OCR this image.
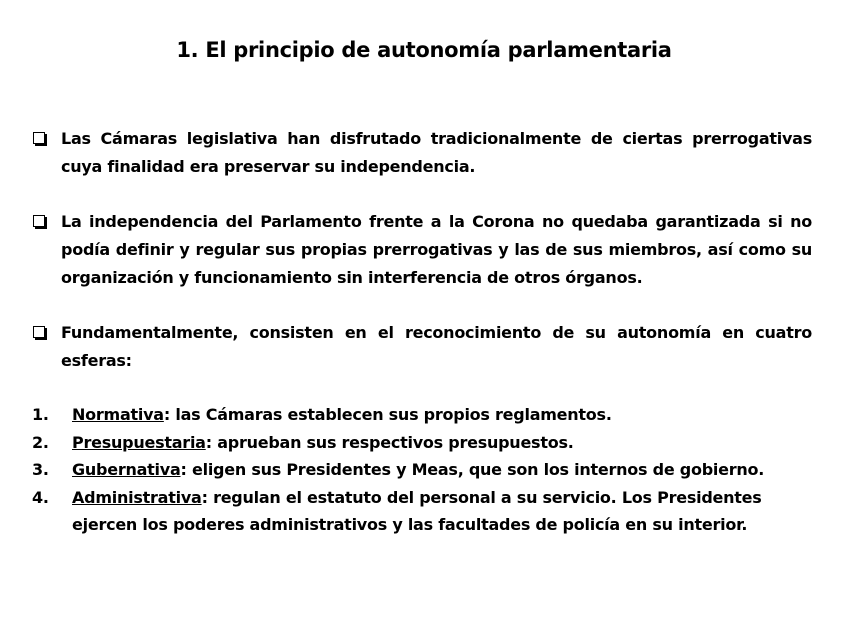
1. El principio de autonomía parlamentaria
Las Cámaras legislativa han disfrutado tradicionalmente de ciertas prerrogativas cuya finalidad era preservar su independencia.
La independencia del Parlamento frente a la Corona no quedaba garantizada si no podía definir y regular sus propias prerrogativas y las de sus miembros, así como su organización y funcionamiento sin interferencia de otros órganos.
Fundamentalmente, consisten en el reconocimiento de su autonomía en cuatro esferas:
1. Normativa: las Cámaras establecen sus propios reglamentos.
2. Presupuestaria: aprueban sus respectivos presupuestos.
3. Gubernativa: eligen sus Presidentes y Meas, que son los internos de gobierno.
4. Administrativa: regulan el estatuto del personal a su servicio. Los Presidentes ejercen los poderes administrativos y las facultades de policía en su interior.
